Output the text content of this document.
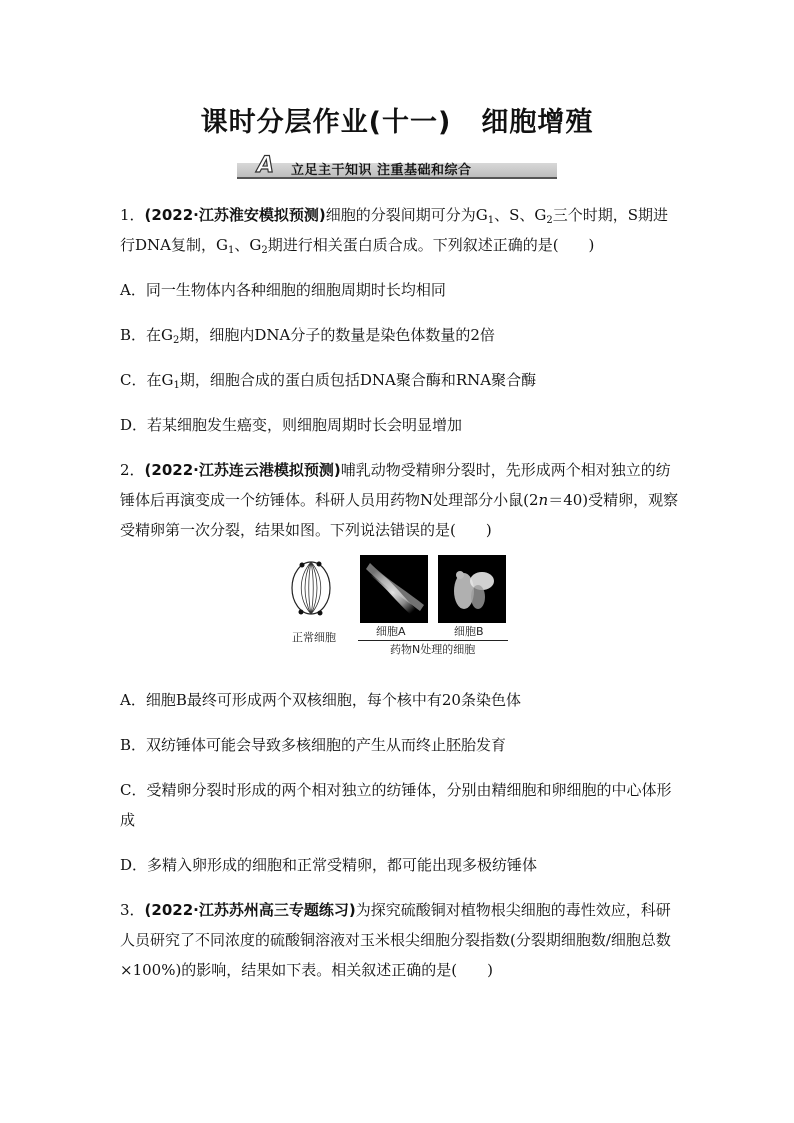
课时分层作业(十一) 细胞增殖
A	立足主干知识 注重基础和综合

1．(2022·江苏淮安模拟预测)细胞的分裂间期可分为$G_1$、S、$G_2$三个时期，S期进行DNA复制，$G_1$、$G_2$期进行相关蛋白质合成。下列叙述正确的是(　　)

A．同一生物体内各种细胞的细胞周期时长均相同

B．在$G_2$期，细胞内DNA分子的数量是染色体数量的2倍

C．在$G_1$期，细胞合成的蛋白质包括DNA聚合酶和RNA聚合酶

D．若某细胞发生癌变，则细胞周期时长会明显增加

2．(2022·江苏连云港模拟预测)哺乳动物受精卵分裂时，先形成两个相对独立的纺锤体后再演变成一个纺锤体。科研人员用药物N处理部分小鼠(2n＝40)受精卵，观察受精卵第一次分裂，结果如图。下列说法错误的是(　　)

正常细胞	细胞A	细胞B
药物N处理的细胞

A．细胞B最终可形成两个双核细胞，每个核中有20条染色体

B．双纺锤体可能会导致多核细胞的产生从而终止胚胎发育

C．受精卵分裂时形成的两个相对独立的纺锤体，分别由精细胞和卵细胞的中心体形成

D．多精入卵形成的细胞和正常受精卵，都可能出现多极纺锤体

3．(2022·江苏苏州高三专题练习)为探究硫酸铜对植物根尖细胞的毒性效应，科研人员研究了不同浓度的硫酸铜溶液对玉米根尖细胞分裂指数(分裂期细胞数/细胞总数×100%)的影响，结果如下表。相关叙述正确的是(　　)
